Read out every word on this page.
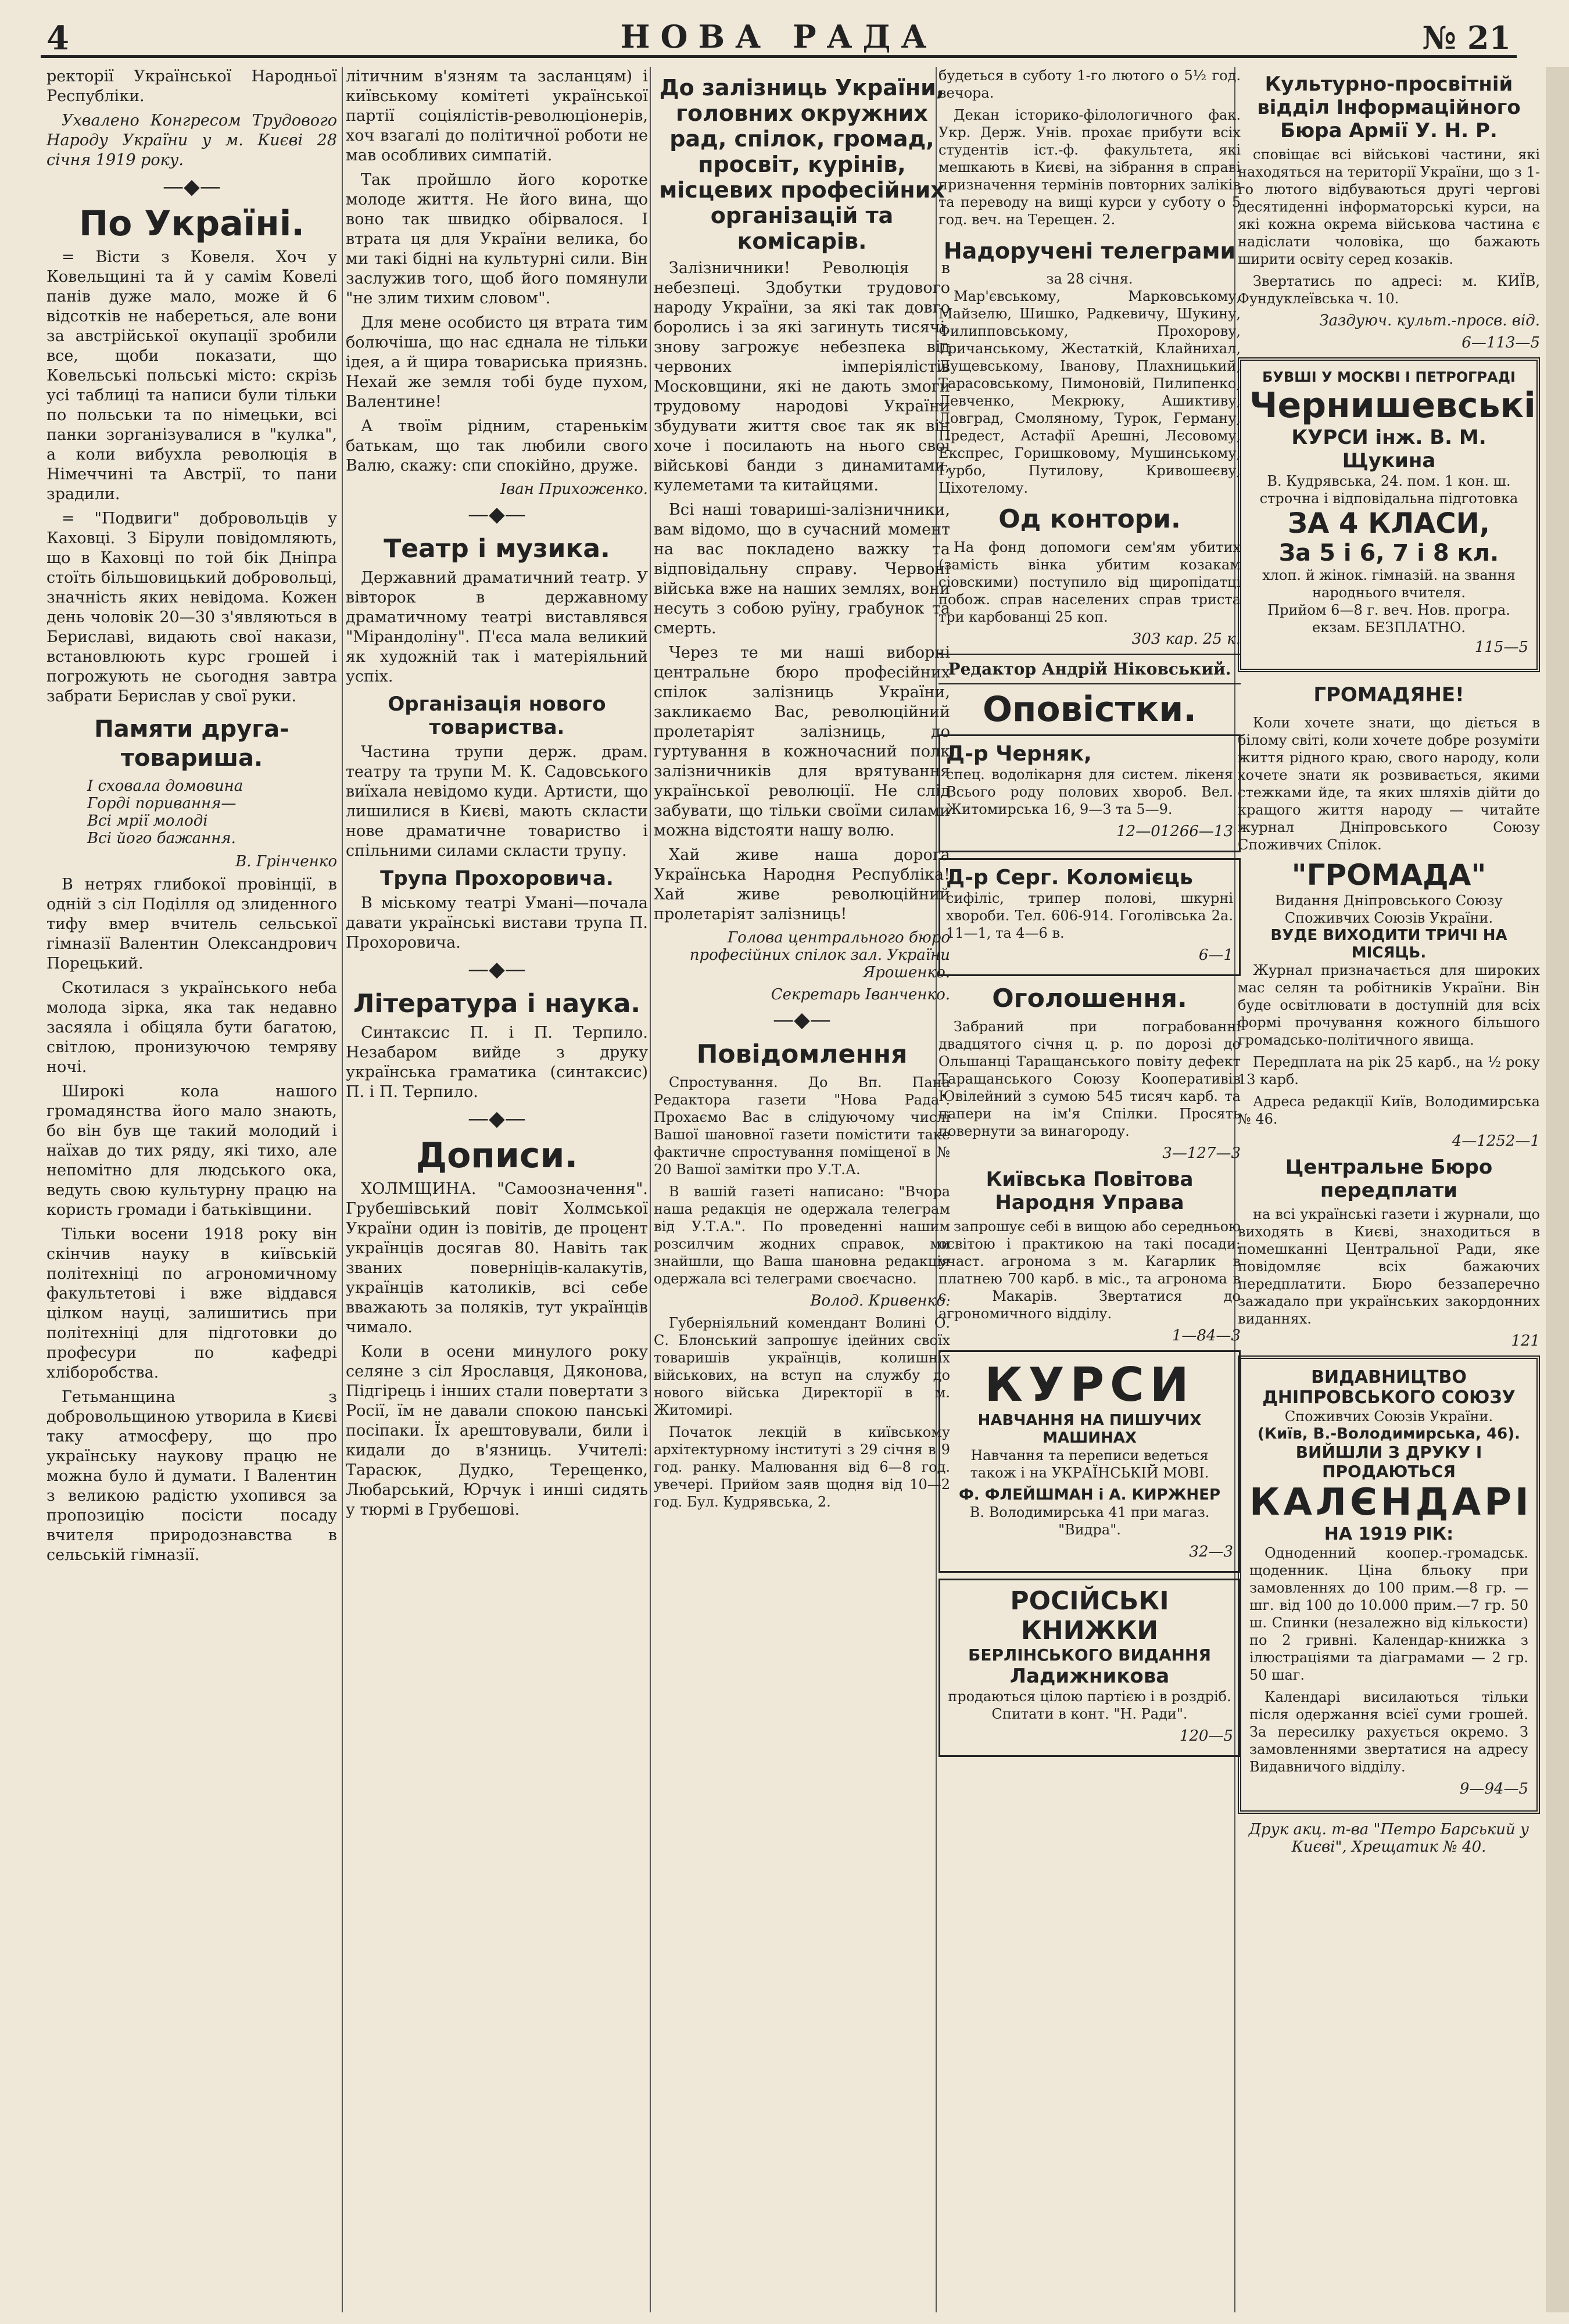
4	НОВА РАДА	№ 21

ректорії Української Народньої Республіки.

Ухвалено Конгресом Трудового Народу України у м. Києві 28 січня 1919 року.

—◆—
По Україні.

= Вісти з Ковеля. Хоч у Ковельщині та й у самім Ковелі панів дуже мало, може й 6 відсотків не набереться, але вони за австрійської окупації зробили все, щоби показати, що Ковельські польські місто: скрізь усі таблиці та написи були тільки по польськи та по німецьки, всі панки зорганізувалися в "кулка", а коли вибухла революція в Німеччині та Австрії, то пани зрадили.

= "Подвиги" добровольців у Каховці. З Бірули повідомляють, що в Каховці по той бік Дніпра стоїть більшовицький добровольці, значність яких невідома. Кожен день чоловік 20—30 з'являються в Бериславі, видають свої накази, встановлюють курс грошей і погрожують не сьогодня завтра забрати Берислав у свої руки.

Памяти друга-товариша.
І сховала домовина
Горді поривання—
Всі мрії молоді
Всі його бажання.
В. Грінченко

В нетрях глибокої провінції, в одній з сіл Поділля од злиденного тифу вмер вчитель сельської гімназії Валентин Олександрович Порецький.

Скотилася з українського неба молода зірка, яка так недавно засяяла і обіцяла бути багатою, світлою, пронизуючою темряву ночі.

Широкі кола нашого громадянства його мало знають, бо він був ще такий молодий і наїхав до тих ряду, які тихо, але непомітно для людського ока, ведуть свою культурну працю на користь громади і батьківщини.

Тільки восени 1918 року він скінчив науку в київській політехніці по агрономичному факультетові і вже віддався цілком науці, залишитись при політехніці для підготовки до професури по кафедрі хліборобства.

Гетьманщина з добровольщиною утворила в Києві таку атмосферу, що про українську наукову працю не можна було й думати. І Валентин з великою радістю ухопився за пропозицію посісти посаду вчителя природознавства в сельській гімназії.

літичним в'язням та засланцям) і київському комітеті української партії соціялістів-революціонерів, хоч взагалі до політичної роботи не мав особливих симпатій.

Так пройшло його коротке молоде життя. Не його вина, що воно так швидко обірвалося. І втрата ця для України велика, бо ми такі бідні на культурні сили. Він заслужив того, щоб його помянули "не злим тихим словом".

Для мене особисто ця втрата тим болючіша, що нас єднала не тільки ідея, а й щира товариська приязнь. Нехай же земля тобі буде пухом, Валентине!

А твоїм рідним, старенькім батькам, що так любили свого Валю, скажу: спи спокійно, друже.

Іван Прихоженко.
—◆—
Театр і музика.

Державний драматичний театр. У вівторок в державному драматичному театрі виставлявся "Мірандоліну". П'єса мала великий як художній так і матеріяльний успіх.

Організація нового товариства.

Частина трупи держ. драм. театру та трупи М. К. Садовського виїхала невідомо куди. Артисти, що лишилися в Києві, мають скласти нове драматичне товариство і спільними силами скласти трупу.

Трупа Прохоровича.

В міському театрі Умані—почала давати українські вистави трупа П. Прохоровича.

—◆—
Література і наука.

Синтаксис П. і П. Терпило. Незабаром вийде з друку українська граматика (синтаксис) П. і П. Терпило.

—◆—
Дописи.

ХОЛМЩИНА. "Самоозначення". Грубешівський повіт Холмської України один із повітів, де процент українців досягав 80. Навіть так званих поверніців-калакутів, українців католиків, всі себе вважають за поляків, тут українців чимало.

Коли в осени минулого року селяне з сіл Ярославця, Дяконова, Підгірець і інших стали повертати з Росії, їм не давали спокою панські посіпаки. Їх арештовували, били і кидали до в'язниць. Учителі: Тарасюк, Дудко, Терещенко, Любарський, Юрчук і инші сидять у тюрмі в Грубешові.

До залізниць України, головних окружних рад, спілок, громад, просвіт, курінів, місцевих професійних організацій та комісарів.

Залізничники! Революція в небезпеці. Здобутки трудового народу України, за які так довго боролись і за які загинуть тисячі, знову загрожує небезпека від червоних імперіялістів Московщини, які не дають змоги трудовому народові України збудувати життя своє так як він хоче і посилають на нього свої військові банди з динамитами, кулеметами та китайцями.

Всі наші товариші-залізничники, вам відомо, що в сучасний момент на вас покладено важку та відповідальну справу. Червоні війська вже на наших землях, вони несуть з собою руїну, грабунок та смерть.

Через те ми наші виборні центральне бюро професійних спілок залізниць України, закликаємо Вас, революційний пролетаріят залізниць, до гуртування в кожночасний полк залізничників для врятування української революції. Не слід забувати, що тільки своїми силами можна відстояти нашу волю.

Хай живе наша дорога Українська Народня Республіка! Хай живе революційний пролетаріят залізниць!

Голова центрального бюро професійних спілок зал. України Ярошенко.
Секретарь Іванченко.
—◆—
Повідомлення

Спростування. До Вп. Пана Редактора газети "Нова Рада". Прохаємо Вас в слідуючому числі Вашої шановної газети помістити таке фактичне спростування поміщеної в № 20 Вашої замітки про У.Т.А.

В вашій газеті написано: "Вчора наша редакція не одержала телеграм від У.Т.А.". По проведенні нашим розсилчим жодних справок, ми знайшли, що Ваша шановна редакція одержала всі телеграми своєчасно.

Волод. Кривенко.

Губерніяльний комендант Волині О. С. Блонський запрошує ідейних своїх товаришів українців, колишніх військових, на вступ на службу до нового війська Директорії в м. Житомирі.

Початок лекцій в київському архітектурному інституті з 29 січня в 9 год. ранку. Малювання від 6—8 год. увечері. Прийом заяв щодня від 10—2 год. Бул. Кудрявська, 2.

будеться в суботу 1-го лютого о 5½ год. вечора.

Декан історико-філологичного фак. Укр. Держ. Унів. прохає прибути всіх студентів іст.-ф. факультета, які мешкають в Києві, на зібрання в справі призначення термінів повторних заліків та переводу на вищі курси у суботу о 5 год. веч. на Терещен. 2.

Надоручені телеграми
за 28 січня.

Мар'євському, Марковському, Майзелю, Шишко, Радкевичу, Шукину, Филипповському, Прохорову, Гричанському, Жестаткій, Клайнихал, Лущевському, Іванову, Плахницький, Тарасовському, Пимоновій, Пилипенко, Левченко, Мекрюку, Ашиктиву, Ловград, Смоляному, Турок, Герману, Предест, Астафії Арешні, Лєсовому, Експрес, Горишковому, Мушинському, Гурбо, Путилову, Кривошеєву, Ціхотелому.

Од контори.

На фонд допомоги сем'ям убитих (замість вінка убитим козакам сіовскими) поступило від щиропідатці побож. справ населених справ триста три карбованці 25 коп.

303 кар. 25 к.
Редактор Андрій Ніковський.
Оповістки.
Д-р Черняк,

спец. водолікарня для систем. лікеня Всього роду полових хвороб. Вел. Житомирська 16, 9—3 та 5—9.

12—01266—13
Д-р Серг. Коломієць

сифіліс, трипер полові, шкурні хвороби. Тел. 606-914. Гоголівська 2а. 11—1, та 4—6 в.

6—1
Оголошення.

Забраний при пограбованні двадцятого січня ц. р. по дорозі до Ольшанці Таращанського повіту дефект Таращанського Союзу Кооперативів Ювілейний з сумою 545 тисяч карб. та папери на ім'я Спілки. Просять повернути за винагороду.

3—127—3
Київська Повітова Народня Управа

запрошує себі в вищою або середньою освітою і практикою на такі посади: участ. агронома з м. Кагарлик в платнею 700 карб. в міс., та агронома в с. Макарів. Звертатися до агрономичного відділу.

1—84—3
КУРСИ
НАВЧАННЯ НА ПИШУЧИХ МАШИНАХ

Навчання та переписи ведеться також і на УКРАЇНСЬКІЙ МОВІ.

Ф. ФЛЕЙШМАН і А. КИРЖНЕР

В. Володимирська 41 при магаз. "Видра".

32—3
РОСІЙСЬКІ КНИЖКИ
БЕРЛІНСЬКОГО ВИДАННЯ
Ладижникова

продаються цілою партією і в роздріб. Спитати в конт. "Н. Ради".

120—5
Культурно-просвітній відділ Інформаційного Бюра Армії У. Н. Р.

сповіщає всі військові частини, які находяться на території України, що з 1-го лютого відбуваються другі чергові десятиденні інформаторські курси, на які кожна окрема військова частина є надіслати чоловіка, що бажають ширити освіту серед козаків.

Звертатись по адресі: м. КИЇВ, Фундуклеївська ч. 10.

Заздуюч. культ.-просв. від.
6—113—5
БУВШІ У МОСКВІ І ПЕТРОГРАДІ
Чернишевські
КУРСИ інж. В. М. Щукина
В. Кудрявська, 24. пом. 1 кон. ш.
строчна і відповідальна підготовка
ЗА 4 КЛАСИ,
За 5 і 6, 7 і 8 кл.
хлоп. й жінок. гімназій. на звання народнього вчителя.
Прийом 6—8 г. веч. Нов. програ. екзам. БЕЗПЛАТНО.
115—5
ГРОМАДЯНЕ!

Коли хочете знати, що діється в білому світі, коли хочете добре розуміти життя рідного краю, свого народу, коли хочете знати як розвивається, якими стежками йде, та яких шляхів дійти до кращого життя народу — читайте журнал Дніпровського Союзу Споживчих Спілок.

"ГРОМАДА"
Видання Дніпровського Союзу Споживчих Союзів України.
ВУДЕ ВИХОДИТИ ТРИЧІ НА МІСЯЦЬ.

Журнал призначається для широких мас селян та робітників України. Він буде освітлювати в доступній для всіх формі прочування кожного більшого громадсько-політичного явища.

Передплата на рік 25 карб., на ½ року 13 карб.

Адреса редакції Київ, Володимирська № 46.

4—1252—1
Центральне Бюро передплати

на всі українські газети і журнали, що виходять в Києві, знаходиться в помешканні Центральної Ради, яке повідомляє всіх бажаючих передплатити. Бюро беззаперечно зажадало при українських закордонних виданнях.

121
ВИДАВНИЦТВО ДНІПРОВСЬКОГО СОЮЗУ
Споживчих Союзів України.
(Київ, В.-Володимирська, 46).
ВИЙШЛИ З ДРУКУ І ПРОДАЮТЬСЯ
КАЛЄНДАРІ
НА 1919 РІК:

Одноденний коопер.-громадськ. щоденник. Ціна бльоку при замовленнях до 100 прим.—8 гр. — шг. від 100 до 10.000 прим.—7 гр. 50 ш. Спинки (незалежно від кількости) по 2 гривні. Календар-книжка з ілюстраціями та діаграмами — 2 гр. 50 шаг.

Календарі висилаються тільки після одержання всієї суми грошей. За пересилку рахується окремо. З замовленнями звертатися на адресу Видавничого відділу.

9—94—5
Друк акц. т-ва "Петро Барський у Києві", Хрещатик № 40.
